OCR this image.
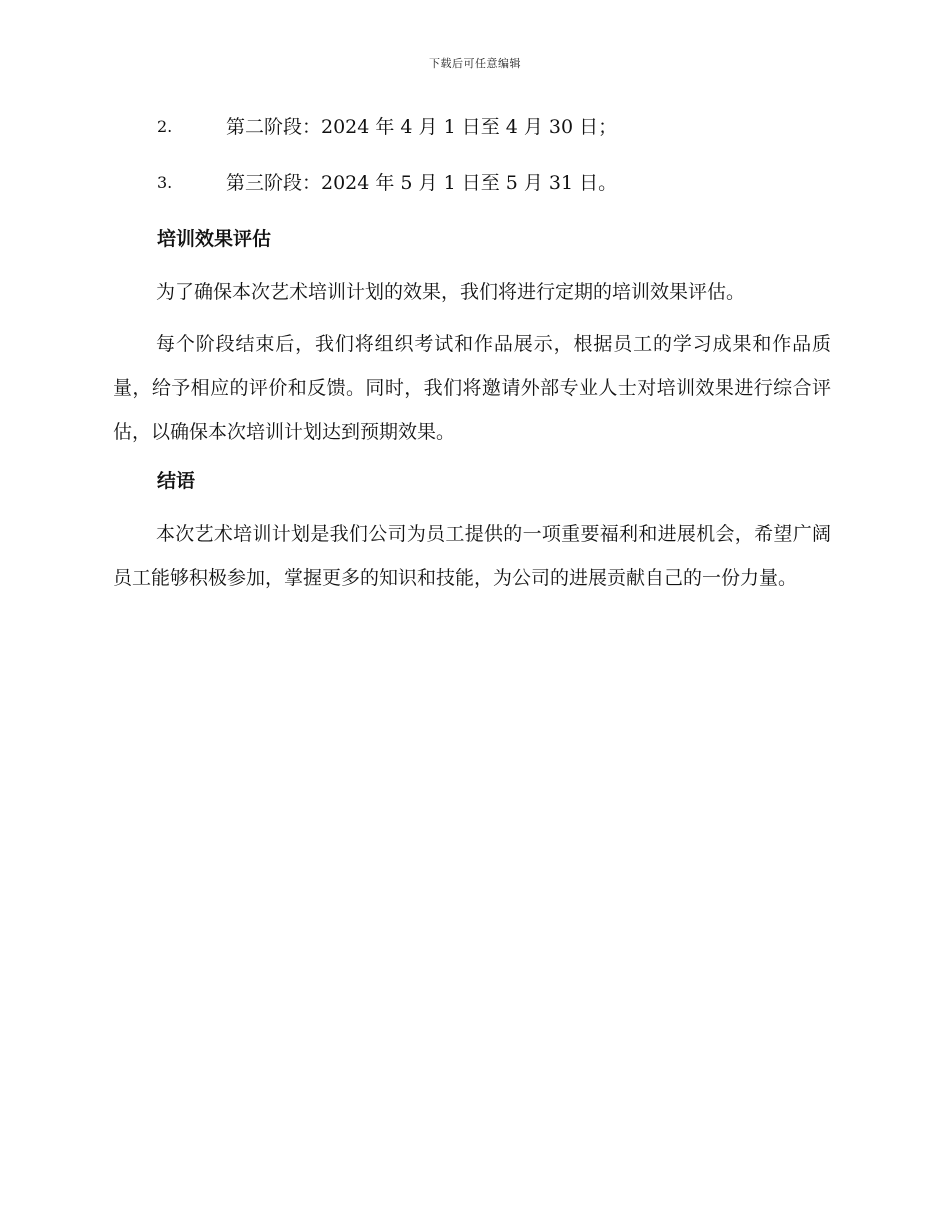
下载后可任意编辑
2.	第二阶段：2024 年 4 月 1 日至 4 月 30 日；
3.	第三阶段：2024 年 5 月 1 日至 5 月 31 日。
培训效果评估

为了确保本次艺术培训计划的效果，我们将进行定期的培训效果评估。

每个阶段结束后，我们将组织考试和作品展示，根据员工的学习成果和作品质量，给予相应的评价和反馈。同时，我们将邀请外部专业人士对培训效果进行综合评估，以确保本次培训计划达到预期效果。

结语

本次艺术培训计划是我们公司为员工提供的一项重要福利和进展机会，希望广阔员工能够积极参加，掌握更多的知识和技能，为公司的进展贡献自己的一份力量。
